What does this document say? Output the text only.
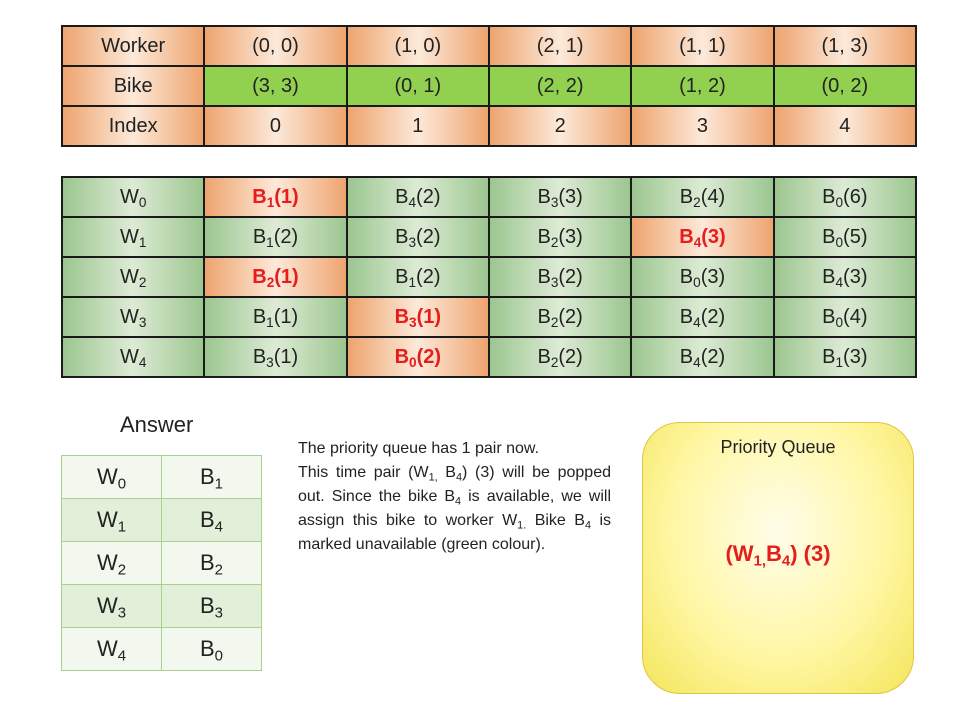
Worker	(0, 0)	(1, 0)	(2, 1)	(1, 1)	(1, 3)
Bike	(3, 3)	(0, 1)	(2, 2)	(1, 2)	(0, 2)
Index	0	1	2	3	4
$W_0$	$B_1(1)$	$B_4(2)$	$B_3(3)$	$B_2(4)$	$B_0(6)$
$W_1$	$B_1(2)$	$B_3(2)$	$B_2(3)$	$B_4(3)$	$B_0(5)$
$W_2$	$B_2(1)$	$B_1(2)$	$B_3(2)$	$B_0(3)$	$B_4(3)$
$W_3$	$B_1(1)$	$B_3(1)$	$B_2(2)$	$B_4(2)$	$B_0(4)$
$W_4$	$B_3(1)$	$B_0(2)$	$B_2(2)$	$B_4(2)$	$B_1(3)$
Answer
$W_0$	$B_1$
$W_1$	$B_4$
$W_2$	$B_2$
$W_3$	$B_3$
$W_4$	$B_0$

The priority queue has 1 pair now.

This time pair ($W_{1,}$ $B_4$) (3) will be popped out. Since the bike $B_4$ is available, we will assign this bike to worker $W_{1.}$ Bike $B_4$ is marked unavailable (green colour).

Priority Queue
$(W_{1,}B_4)$ (3)
